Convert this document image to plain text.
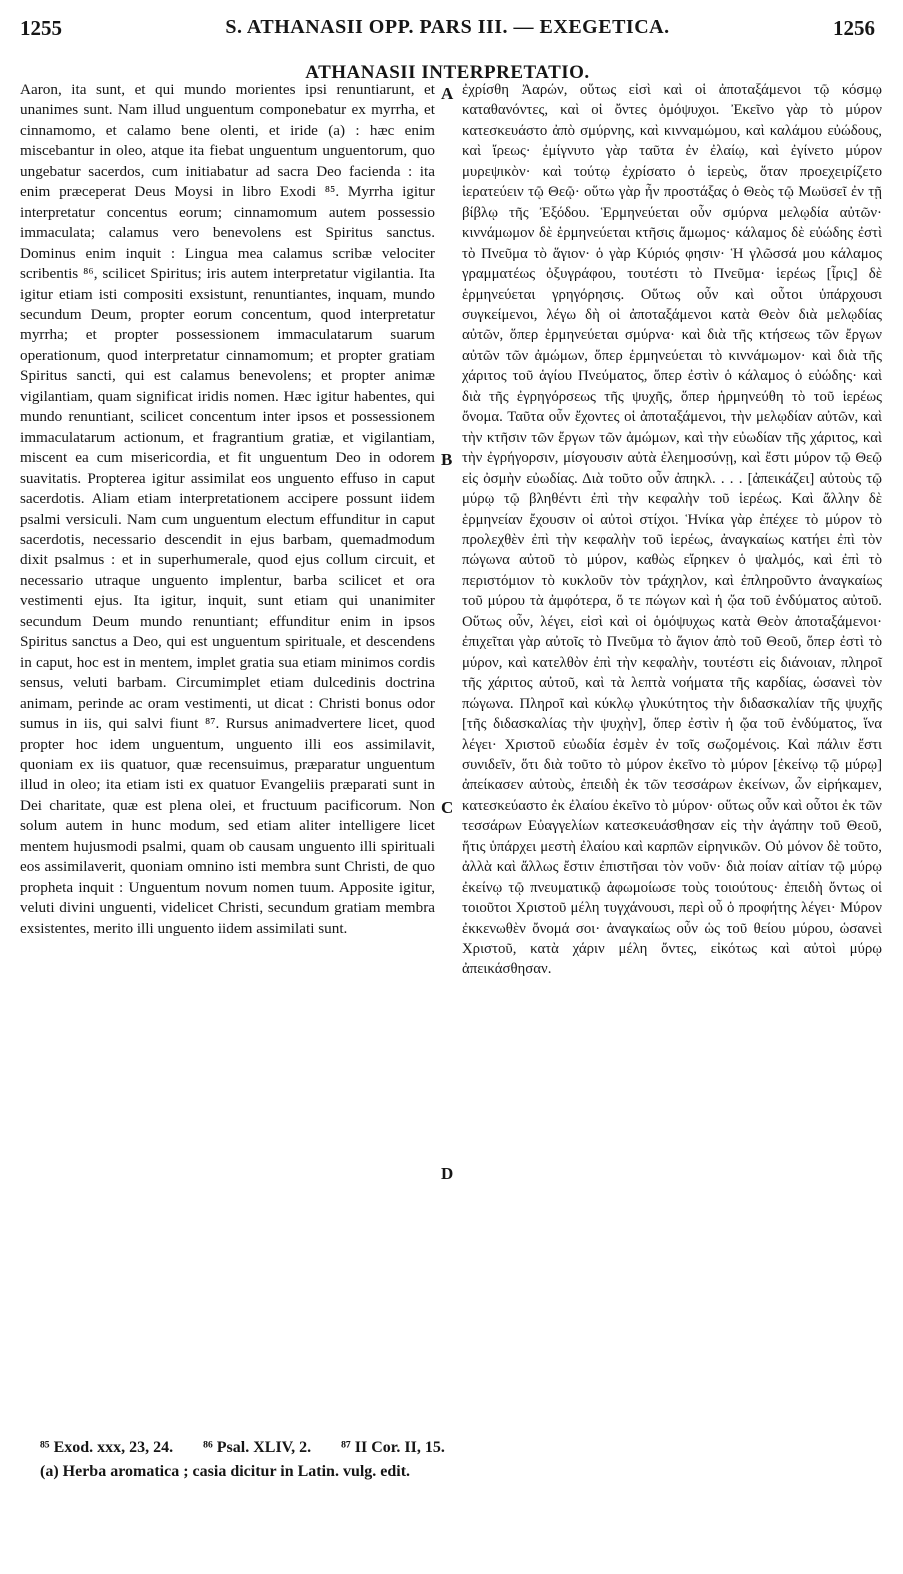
1255	S. ATHANASII OPP. PARS III. — EXEGETICA.	1256
ATHANASII INTERPRETATIO.

Aaron, ita sunt, et qui mundo morientes ipsi renuntiarunt, et unanimes sunt. Nam illud unguentum componebatur ex myrrha, et cinnamomo, et calamo bene olenti, et iride (a) : hæc enim miscebantur in oleo, atque ita fiebat unguentum unguentorum, quo ungebatur sacerdos, cum initiabatur ad sacra Deo facienda : ita enim præceperat Deus Moysi in libro Exodi ⁸⁵. Myrrha igitur interpretatur concentus eorum; cinnamomum autem possessio immaculata; calamus vero benevolens est Spiritus sanctus. Dominus enim inquit : Lingua mea calamus scribæ velociter scribentis ⁸⁶, scilicet Spiritus; iris autem interpretatur vigilantia. Ita igitur etiam isti compositi exsistunt, renuntiantes, inquam, mundo secundum Deum, propter eorum concentum, quod interpretatur myrrha; et propter possessionem immaculatarum suarum operationum, quod interpretatur cinnamomum; et propter gratiam Spiritus sancti, qui est calamus benevolens; et propter animæ vigilantiam, quam significat iridis nomen. Hæc igitur habentes, qui mundo renuntiant, scilicet concentum inter ipsos et possessionem immaculatarum actionum, et fragrantium gratiæ, et vigilantiam, miscent ea cum misericordia, et fit unguentum Deo in odorem suavitatis. Propterea igitur assimilat eos unguento effuso in caput sacerdotis. Aliam etiam interpretationem accipere possunt iidem psalmi versiculi. Nam cum unguentum electum effunditur in caput sacerdotis, necessario descendit in ejus barbam, quemadmodum dixit psalmus : et in superhumerale, quod ejus collum circuit, et necessario utraque unguento implentur, barba scilicet et ora vestimenti ejus. Ita igitur, inquit, sunt etiam qui unanimiter secundum Deum mundo renuntiant; effunditur enim in ipsos Spiritus sanctus a Deo, qui est unguentum spirituale, et descendens in caput, hoc est in mentem, implet gratia sua etiam minimos cordis sensus, veluti barbam. Circumimplet etiam dulcedinis doctrina animam, perinde ac oram vestimenti, ut dicat : Christi bonus odor sumus in iis, qui salvi fiunt ⁸⁷. Rursus animadvertere licet, quod propter hoc idem unguentum, unguento illi eos assimilavit, quoniam ex iis quatuor, quæ recensuimus, præparatur unguentum illud in oleo; ita etiam isti ex quatuor Evangeliis præparati sunt in Dei charitate, quæ est plena olei, et fructuum pacificorum. Non solum autem in hunc modum, sed etiam aliter intelligere licet mentem hujusmodi psalmi, quam ob causam unguento illi spirituali eos assimilaverit, quoniam omnino isti membra sunt Christi, de quo propheta inquit : Unguentum novum nomen tuum. Apposite igitur, veluti divini unguenti, videlicet Christi, secundum gratiam membra exsistentes, merito illi unguento iidem assimilati sunt.

A
B
C
D

ἐχρίσθη Ἀαρών, οὕτως εἰσὶ καὶ οἱ ἀποταξάμενοι τῷ κόσμῳ καταθανόντες, καὶ οἱ ὄντες ὁμόψυχοι. Ἐκεῖνο γὰρ τὸ μύρον κατεσκευάστο ἀπὸ σμύρνης, καὶ κινναμώμου, καὶ καλάμου εὐώδους, καὶ ἴρεως· ἐμίγνυτο γὰρ ταῦτα ἐν ἐλαίῳ, καὶ ἐγίνετο μύρον μυρεψικὸν· καὶ τούτῳ ἐχρίσατο ὁ ἱερεὺς, ὅταν προεχειρίζετο ἱερατεύειν τῷ Θεῷ· οὕτω γὰρ ἦν προστάξας ὁ Θεὸς τῷ Μωϋσεῖ ἐν τῇ βίβλῳ τῆς Ἐξόδου. Ἑρμηνεύεται οὖν σμύρνα μελῳδία αὐτῶν· κιννάμωμον δὲ ἑρμηνεύεται κτῆσις ἄμωμος· κάλαμος δὲ εὐώδης ἐστὶ τὸ Πνεῦμα τὸ ἅγιον· ὁ γὰρ Κύριός φησιν· Ἡ γλῶσσά μου κάλαμος γραμματέως ὀξυγράφου, τουτέστι τὸ Πνεῦμα· ἱερέως [ἶρις] δὲ ἑρμηνεύεται γρηγόρησις. Οὕτως οὖν καὶ οὗτοι ὑπάρχουσι συγκείμενοι, λέγω δὴ οἱ ἀποταξάμενοι κατὰ Θεὸν διὰ μελῳδίας αὐτῶν, ὅπερ ἑρμηνεύεται σμύρνα· καὶ διὰ τῆς κτήσεως τῶν ἔργων αὐτῶν τῶν ἀμώμων, ὅπερ ἑρμηνεύεται τὸ κιννάμωμον· καὶ διὰ τῆς χάριτος τοῦ ἁγίου Πνεύματος, ὅπερ ἐστὶν ὁ κάλαμος ὁ εὐώδης· καὶ διὰ τῆς ἐγρηγόρσεως τῆς ψυχῆς, ὅπερ ἡρμηνεύθη τὸ τοῦ ἱερέως ὄνομα. Ταῦτα οὖν ἔχοντες οἱ ἀποταξάμενοι, τὴν μελῳδίαν αὐτῶν, καὶ τὴν κτῆσιν τῶν ἔργων τῶν ἀμώμων, καὶ τὴν εὐωδίαν τῆς χάριτος, καὶ τὴν ἐγρήγορσιν, μίσγουσιν αὐτὰ ἐλεημοσύνῃ, καὶ ἔστι μύρον τῷ Θεῷ εἰς ὀσμὴν εὐωδίας. Διὰ τοῦτο οὖν ἀπηκλ. . . . [ἀπεικάζει] αὐτοὺς τῷ μύρῳ τῷ βληθέντι ἐπὶ τὴν κεφαλὴν τοῦ ἱερέως. Καὶ ἄλλην δὲ ἑρμηνείαν ἔχουσιν οἱ αὐτοὶ στίχοι. Ἡνίκα γὰρ ἐπέχεε τὸ μύρον τὸ προλεχθὲν ἐπὶ τὴν κεφαλὴν τοῦ ἱερέως, ἀναγκαίως κατήει ἐπὶ τὸν πώγωνα αὐτοῦ τὸ μύρον, καθὼς εἴρηκεν ὁ ψαλμός, καὶ ἐπὶ τὸ περιστόμιον τὸ κυκλοῦν τὸν τράχηλον, καὶ ἐπληροῦντο ἀναγκαίως τοῦ μύρου τὰ ἀμφότερα, ὅ τε πώγων καὶ ἡ ᾤα τοῦ ἐνδύματος αὐτοῦ. Οὕτως οὖν, λέγει, εἰσὶ καὶ οἱ ὁμόψυχως κατὰ Θεὸν ἀποταξάμενοι· ἐπιχεῖται γὰρ αὐτοῖς τὸ Πνεῦμα τὸ ἅγιον ἀπὸ τοῦ Θεοῦ, ὅπερ ἐστὶ τὸ μύρον, καὶ κατελθὸν ἐπὶ τὴν κεφαλὴν, τουτέστι εἰς διάνοιαν, πληροῖ τῆς χάριτος αὐτοῦ, καὶ τὰ λεπτὰ νοήματα τῆς καρδίας, ὡσανεὶ τὸν πώγωνα. Πληροῖ καὶ κύκλῳ γλυκύτητος τὴν διδασκαλίαν τῆς ψυχῆς [τῆς διδασκαλίας τὴν ψυχὴν], ὅπερ ἐστὶν ἡ ᾤα τοῦ ἐνδύματος, ἵνα λέγει· Χριστοῦ εὐωδία ἐσμὲν ἐν τοῖς σωζομένοις. Καὶ πάλιν ἔστι συνιδεῖν, ὅτι διὰ τοῦτο τὸ μύρον ἐκεῖνο τὸ μύρον [ἐκείνῳ τῷ μύρῳ] ἀπείκασεν αὐτοὺς, ἐπειδὴ ἐκ τῶν τεσσάρων ἐκείνων, ὧν εἰρήκαμεν, κατεσκεύαστο ἐκ ἐλαίου ἐκεῖνο τὸ μύρον· οὕτως οὖν καὶ οὗτοι ἐκ τῶν τεσσάρων Εὐαγγελίων κατεσκευάσθησαν εἰς τὴν ἀγάπην τοῦ Θεοῦ, ἥτις ὑπάρχει μεστὴ ἐλαίου καὶ καρπῶν εἰρηνικῶν. Οὐ μόνον δὲ τοῦτο, ἀλλὰ καὶ ἄλλως ἔστιν ἐπιστῆσαι τὸν νοῦν· διὰ ποίαν αἰτίαν τῷ μύρῳ ἐκείνῳ τῷ πνευματικῷ ἀφωμοίωσε τοὺς τοιούτους· ἐπειδὴ ὄντως οἱ τοιοῦτοι Χριστοῦ μέλη τυγχάνουσι, περὶ οὗ ὁ προφήτης λέγει· Μύρον ἐκκενωθὲν ὄνομά σοι· ἀναγκαίως οὖν ὡς τοῦ θείου μύρου, ὡσανεὶ Χριστοῦ, κατὰ χάριν μέλη ὄντες, εἰκότως καὶ αὐτοὶ μύρῳ ἀπεικάσθησαν.

⁸⁵ Exod. xxx, 23, 24. ⁸⁶ Psal. XLIV, 2. ⁸⁷ II Cor. II, 15.

(a) Herba aromatica ; casia dicitur in Latin. vulg. edit.
